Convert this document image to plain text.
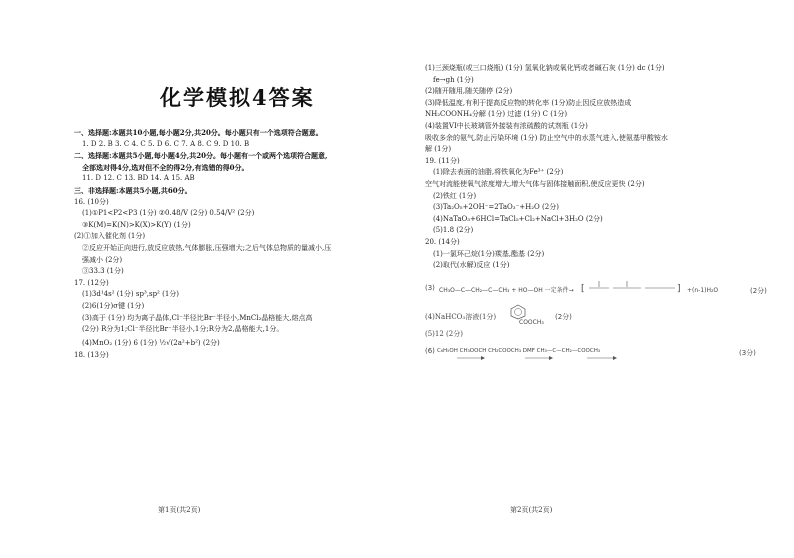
化学模拟4答案
一、选择题:本题共10小题,每小题2分,共20分。每小题只有一个选项符合题意。
1. D 2. B 3. C 4. C 5. D 6. C 7. A 8. C 9. D 10. B
二、选择题:本题共5小题,每小题4分,共20分。每小题有一个或两个选项符合题意,
全部选对得4分,选对但不全的得2分,有选错的得0分。
11. D 12. C 13. BD 14. A 15. AB
三、非选择题:本题共5小题,共60分。
16. (10分)
(1)①P1<P2<P3 (1分) ②0.48/V (2分) 0.54/V² (2分)
③K(M)=K(N)>K(X)>K(Y) (1分)
(2)①加入催化剂 (1分)
②反应开始正向进行,放反应放热,气体膨胀,压强增大;之后气体总物质的量减小,压
强减小 (2分)
③33.3 (1分)
17. (12分)
(1)3d¹4s² (1分) sp³,sp² (1分)
(2)6(1分)σ键 (1分)
(3)高于 (1分) 均为离子晶体,Cl⁻半径比Br⁻半径小,MnCl₂晶格能大,熔点高
(2分) R分为1;Cl⁻半径比Br⁻半径小,1分;R分为2,晶格能大,1分。
(4)MnO₂ (1分) 6 (1分) ½√(2a²+b²) (2分)
18. (13分)
第1页(共2页)
(1)三颈烧瓶(或三口烧瓶) (1分) 氢氧化钠或氧化钙或者碱石灰 (1分) dc (1分)
fe→gh (1分)
(2)随开随用,随关随停 (2分)
(3)降低温度,有利于提高反应物的转化率 (1分)防止因反应放热造成
NH₂COONH₄分解 (1分) 过滤 (1分) C (1分)
(4)装置VI中长玻璃管外接装有浓硫酸的试剂瓶 (1分)
吸收多余的氨气,防止污染环境 (1分) 防止空气中的水蒸气进入,使氨基甲酸铵水
解 (1分)
19. (11分)
(1)除去表面的油脂,将铁氧化为Fe³⁺ (2分)
空气对流能使氧气浓度增大,增大气体与固体接触面积,使反应更快 (2分)
(2)铁红 (1分)
(3)Ta₂O₅+2OH⁻=2TaO₃⁻+H₂O (2分)
(4)NaTaO₃+6HCl=TaCl₅+Cl₂+NaCl+3H₂O (2分)
(5)1.8 (2分)
20. (14分)
(1)一氯环己烷(1分)羰基,酯基 (2分)
(2)取代(水解)反应 (1分)
(3) CH₃O—C—CH₂—C—CH₃ + HO—OH 一定条件→ [	] +(n-1)H₂O	(2分)
(4)NaHCO₃溶液(1分)
COOCH₃
(2分)
(5)12 (2分)
(6) C₆H₅OH CH₃OOCH CH₂COOCH₃ DMF CH₃—C—CH₂—COOCH₃	(3分)
第2页(共2页)
